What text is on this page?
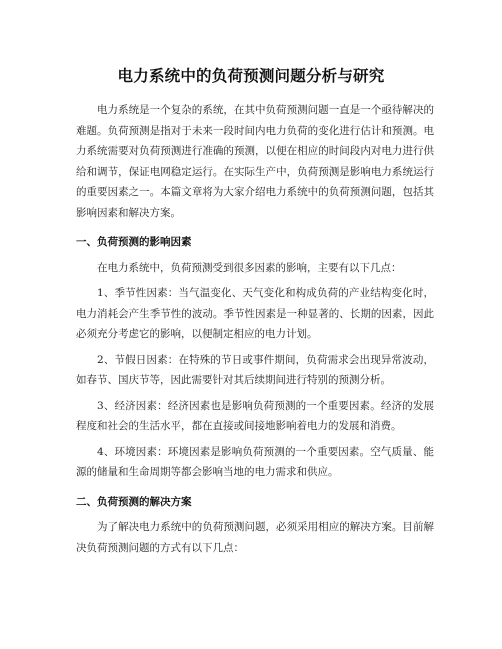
电力系统中的负荷预测问题分析与研究

电力系统是一个复杂的系统，在其中负荷预测问题一直是一个亟待解决的难题。负荷预测是指对于未来一段时间内电力负荷的变化进行估计和预测。电力系统需要对负荷预测进行准确的预测，以便在相应的时间段内对电力进行供给和调节，保证电网稳定运行。在实际生产中，负荷预测是影响电力系统运行的重要因素之一。本篇文章将为大家介绍电力系统中的负荷预测问题，包括其影响因素和解决方案。

一、负荷预测的影响因素

在电力系统中，负荷预测受到很多因素的影响，主要有以下几点：

1、季节性因素：当气温变化、天气变化和构成负荷的产业结构变化时，电力消耗会产生季节性的波动。季节性因素是一种显著的、长期的因素，因此必须充分考虑它的影响，以便制定相应的电力计划。

2、节假日因素：在特殊的节日或事件期间，负荷需求会出现异常波动，如春节、国庆节等，因此需要针对其后续期间进行特别的预测分析。

3、经济因素：经济因素也是影响负荷预测的一个重要因素。经济的发展程度和社会的生活水平，都在直接或间接地影响着电力的发展和消费。

4、环境因素：环境因素是影响负荷预测的一个重要因素。空气质量、能源的储量和生命周期等都会影响当地的电力需求和供应。

二、负荷预测的解决方案

为了解决电力系统中的负荷预测问题，必须采用相应的解决方案。目前解决负荷预测问题的方式有以下几点：
